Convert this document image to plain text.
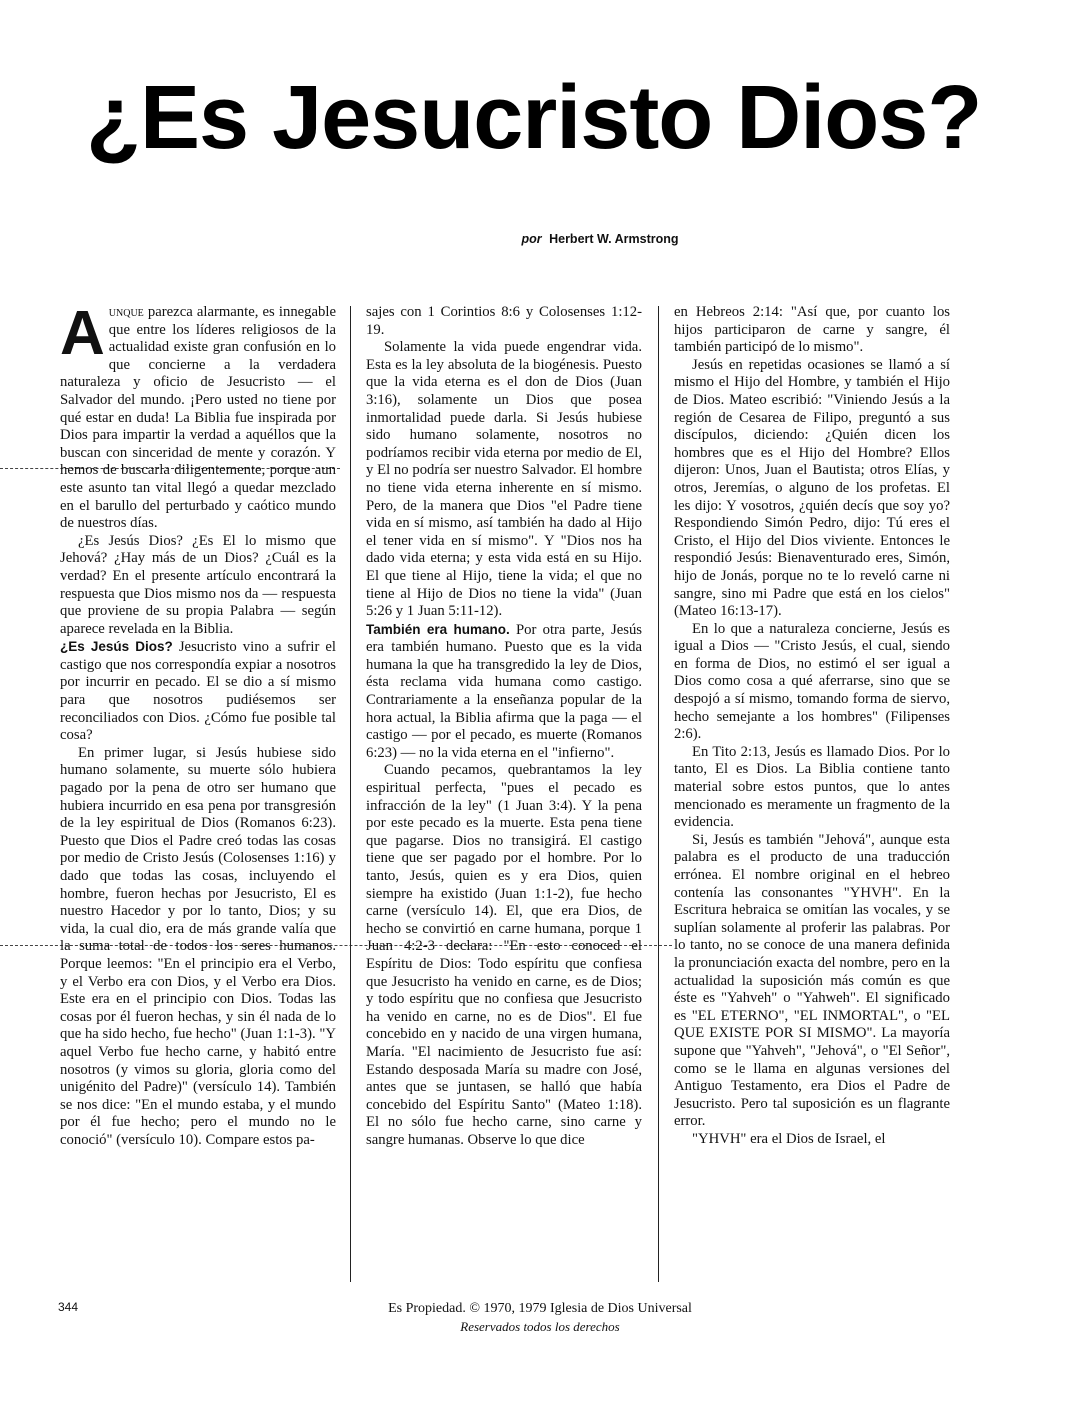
¿Es Jesucristo Dios?
por Herbert W. Armstrong

Aunque parezca alarmante, es innegable que entre los líderes religiosos de la actualidad existe gran confusión en lo que concierne a la verdadera naturaleza y oficio de Jesucristo — el Salvador del mundo. ¡Pero usted no tiene por qué estar en duda! La Biblia fue inspirada por Dios para impartir la verdad a aquéllos que la buscan con sinceridad de mente y corazón. Y hemos de buscarla diligentemente, porque aun este asunto tan vital llegó a quedar mezclado en el barullo del perturbado y caótico mundo de nuestros días.

¿Es Jesús Dios? ¿Es El lo mismo que Jehová? ¿Hay más de un Dios? ¿Cuál es la verdad? En el presente artículo encontrará la respuesta que Dios mismo nos da — respuesta que proviene de su propia Palabra — según aparece revelada en la Biblia.

¿Es Jesús Dios? Jesucristo vino a sufrir el castigo que nos correspondía expiar a nosotros por incurrir en pecado. El se dio a sí mismo para que nosotros pudiésemos ser reconciliados con Dios. ¿Cómo fue posible tal cosa?

En primer lugar, si Jesús hubiese sido humano solamente, su muerte sólo hubiera pagado por la pena de otro ser humano que hubiera incurrido en esa pena por transgresión de la ley espiritual de Dios (Romanos 6:23). Puesto que Dios el Padre creó todas las cosas por medio de Cristo Jesús (Colosenses 1:16) y dado que todas las cosas, incluyendo el hombre, fueron hechas por Jesucristo, El es nuestro Hacedor y por lo tanto, Dios; y su vida, la cual dio, era de más grande valía que la suma total de todos los seres humanos. Porque leemos: "En el principio era el Verbo, y el Verbo era con Dios, y el Verbo era Dios. Este era en el principio con Dios. Todas las cosas por él fueron hechas, y sin él nada de lo que ha sido hecho, fue hecho" (Juan 1:1-3). "Y aquel Verbo fue hecho carne, y habitó entre nosotros (y vimos su gloria, gloria como del unigénito del Padre)" (versículo 14). También se nos dice: "En el mundo estaba, y el mundo por él fue hecho; pero el mundo no le conoció" (versículo 10). Compare estos pa-

sajes con 1 Corintios 8:6 y Colosenses 1:12-19.

Solamente la vida puede engendrar vida. Esta es la ley absoluta de la biogénesis. Puesto que la vida eterna es el don de Dios (Juan 3:16), solamente un Dios que posea inmortalidad puede darla. Si Jesús hubiese sido humano solamente, nosotros no podríamos recibir vida eterna por medio de El, y El no podría ser nuestro Salvador. El hombre no tiene vida eterna inherente en sí mismo. Pero, de la manera que Dios "el Padre tiene vida en sí mismo, así también ha dado al Hijo el tener vida en sí mismo". Y "Dios nos ha dado vida eterna; y esta vida está en su Hijo. El que tiene al Hijo, tiene la vida; el que no tiene al Hijo de Dios no tiene la vida" (Juan 5:26 y 1 Juan 5:11-12).

También era humano. Por otra parte, Jesús era también humano. Puesto que es la vida humana la que ha transgredido la ley de Dios, ésta reclama vida humana como castigo. Contrariamente a la enseñanza popular de la hora actual, la Biblia afirma que la paga — el castigo — por el pecado, es muerte (Romanos 6:23) — no la vida eterna en el "infierno".

Cuando pecamos, quebrantamos la ley espiritual perfecta, "pues el pecado es infracción de la ley" (1 Juan 3:4). Y la pena por este pecado es la muerte. Esta pena tiene que pagarse. Dios no transigirá. El castigo tiene que ser pagado por el hombre. Por lo tanto, Jesús, quien es y era Dios, quien siempre ha existido (Juan 1:1-2), fue hecho carne (versículo 14). El, que era Dios, de hecho se convirtió en carne humana, porque 1 Juan 4:2-3 declara: "En esto conoced el Espíritu de Dios: Todo espíritu que confiesa que Jesucristo ha venido en carne, es de Dios; y todo espíritu que no confiesa que Jesucristo ha venido en carne, no es de Dios". El fue concebido en y nacido de una virgen humana, María. "El nacimiento de Jesucristo fue así: Estando desposada María su madre con José, antes que se juntasen, se halló que había concebido del Espíritu Santo" (Mateo 1:18). El no sólo fue hecho carne, sino carne y sangre humanas. Observe lo que dice

en Hebreos 2:14: "Así que, por cuanto los hijos participaron de carne y sangre, él también participó de lo mismo".

Jesús en repetidas ocasiones se llamó a sí mismo el Hijo del Hombre, y también el Hijo de Dios. Mateo escribió: "Viniendo Jesús a la región de Cesarea de Filipo, preguntó a sus discípulos, diciendo: ¿Quién dicen los hombres que es el Hijo del Hombre? Ellos dijeron: Unos, Juan el Bautista; otros Elías, y otros, Jeremías, o alguno de los profetas. El les dijo: Y vosotros, ¿quién decís que soy yo? Respondiendo Simón Pedro, dijo: Tú eres el Cristo, el Hijo del Dios viviente. Entonces le respondió Jesús: Bienaventurado eres, Simón, hijo de Jonás, porque no te lo reveló carne ni sangre, sino mi Padre que está en los cielos" (Mateo 16:13-17).

En lo que a naturaleza concierne, Jesús es igual a Dios — "Cristo Jesús, el cual, siendo en forma de Dios, no estimó el ser igual a Dios como cosa a qué aferrarse, sino que se despojó a sí mismo, tomando forma de siervo, hecho semejante a los hombres" (Filipenses 2:6).

En Tito 2:13, Jesús es llamado Dios. Por lo tanto, El es Dios. La Biblia contiene tanto material sobre estos puntos, que lo antes mencionado es meramente un fragmento de la evidencia.

Si, Jesús es también "Jehová", aunque esta palabra es el producto de una traducción errónea. El nombre original en el hebreo contenía las consonantes "YHVH". En la Escritura hebraica se omitían las vocales, y se suplían solamente al proferir las palabras. Por lo tanto, no se conoce de una manera definida la pronunciación exacta del nombre, pero en la actualidad la suposición más común es que éste es "Yahveh" o "Yahweh". El significado es "EL ETERNO", "EL INMORTAL", o "EL QUE EXISTE POR SI MISMO". La mayoría supone que "Yahveh", "Jehová", o "El Señor", como se le llama en algunas versiones del Antiguo Testamento, era Dios el Padre de Jesucristo. Pero tal suposición es un flagrante error.

"YHVH" era el Dios de Israel, el

344	Es Propiedad. © 1970, 1979 Iglesia de Dios Universal
Reservados todos los derechos
